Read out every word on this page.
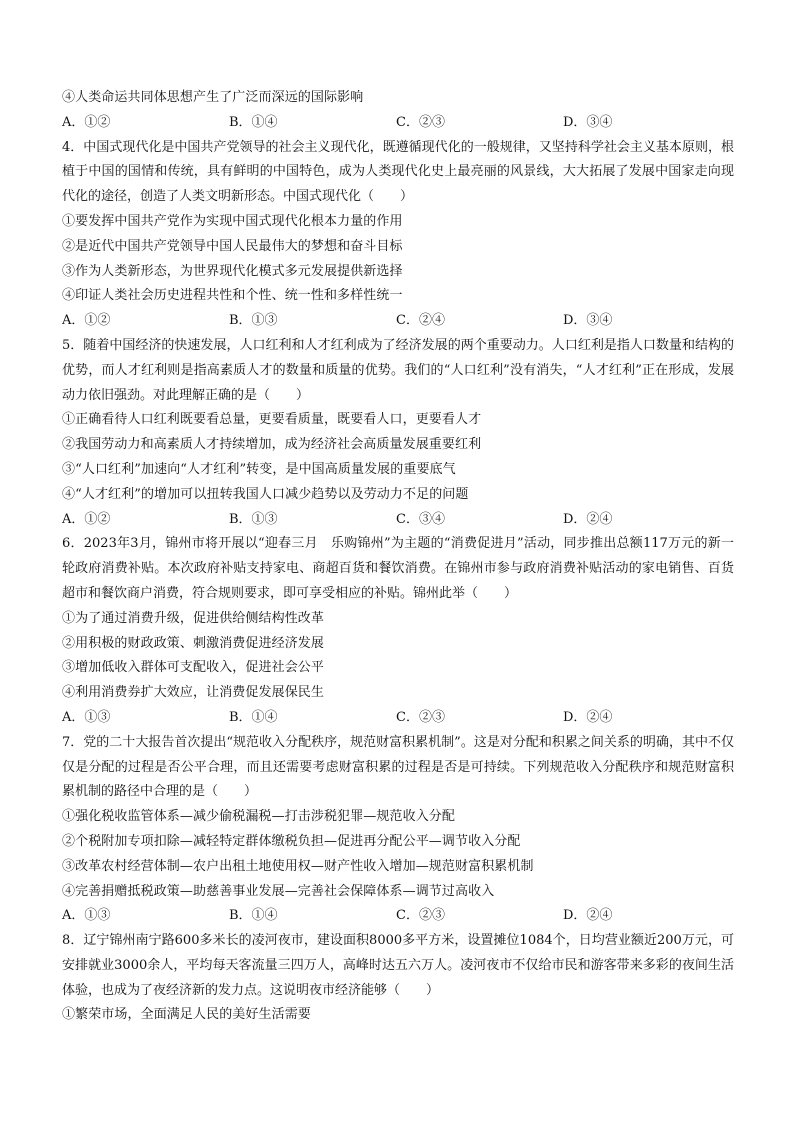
④人类命运共同体思想产生了广泛而深远的国际影响
A．①②	B．①④	C．②③	D．③④
4．中国式现代化是中国共产党领导的社会主义现代化，既遵循现代化的一般规律，又坚持科学社会主义基本原则，根植于中国的国情和传统，具有鲜明的中国特色，成为人类现代化史上最亮丽的风景线，大大拓展了发展中国家走向现代化的途径，创造了人类文明新形态。中国式现代化（　　）
①要发挥中国共产党作为实现中国式现代化根本力量的作用
②是近代中国共产党领导中国人民最伟大的梦想和奋斗目标
③作为人类新形态，为世界现代化模式多元发展提供新选择
④印证人类社会历史进程共性和个性、统一性和多样性统一
A．①②	B．①③	C．②④	D．③④
5．随着中国经济的快速发展，人口红利和人才红利成为了经济发展的两个重要动力。人口红利是指人口数量和结构的优势，而人才红利则是指高素质人才的数量和质量的优势。我们的“人口红利”没有消失，“人才红利”正在形成，发展动力依旧强劲。对此理解正确的是（　　）
①正确看待人口红利既要看总量，更要看质量，既要看人口，更要看人才
②我国劳动力和高素质人才持续增加，成为经济社会高质量发展重要红利
③“人口红利”加速向“人才红利”转变，是中国高质量发展的重要底气
④“人才红利”的增加可以扭转我国人口减少趋势以及劳动力不足的问题
A．①②	B．①③	C．③④	D．②④
6．2023年3月，锦州市将开展以“迎春三月　乐购锦州”为主题的“消费促进月”活动，同步推出总额117万元的新一轮政府消费补贴。本次政府补贴支持家电、商超百货和餐饮消费。在锦州市参与政府消费补贴活动的家电销售、百货超市和餐饮商户消费，符合规则要求，即可享受相应的补贴。锦州此举（　　）
①为了通过消费升级，促进供给侧结构性改革
②用积极的财政政策、刺激消费促进经济发展
③增加低收入群体可支配收入，促进社会公平
④利用消费券扩大效应，让消费促发展保民生
A．①③	B．①④	C．②③	D．②④
7．党的二十大报告首次提出“规范收入分配秩序，规范财富积累机制”。这是对分配和积累之间关系的明确，其中不仅仅是分配的过程是否公平合理，而且还需要考虑财富积累的过程是否是可持续。下列规范收入分配秩序和规范财富积累机制的路径中合理的是（　　）
①强化税收监管体系—减少偷税漏税—打击涉税犯罪—规范收入分配
②个税附加专项扣除—减轻特定群体缴税负担—促进再分配公平—调节收入分配
③改革农村经营体制—农户出租土地使用权—财产性收入增加—规范财富积累机制
④完善捐赠抵税政策—助慈善事业发展—完善社会保障体系—调节过高收入
A．①③	B．①④	C．②③	D．②④
8．辽宁锦州南宁路600多米长的凌河夜市，建设面积8000多平方米，设置摊位1084个，日均营业额近200万元，可安排就业3000余人，平均每天客流量三四万人，高峰时达五六万人。凌河夜市不仅给市民和游客带来多彩的夜间生活体验，也成为了夜经济新的发力点。这说明夜市经济能够（　　）
①繁荣市场，全面满足人民的美好生活需要
